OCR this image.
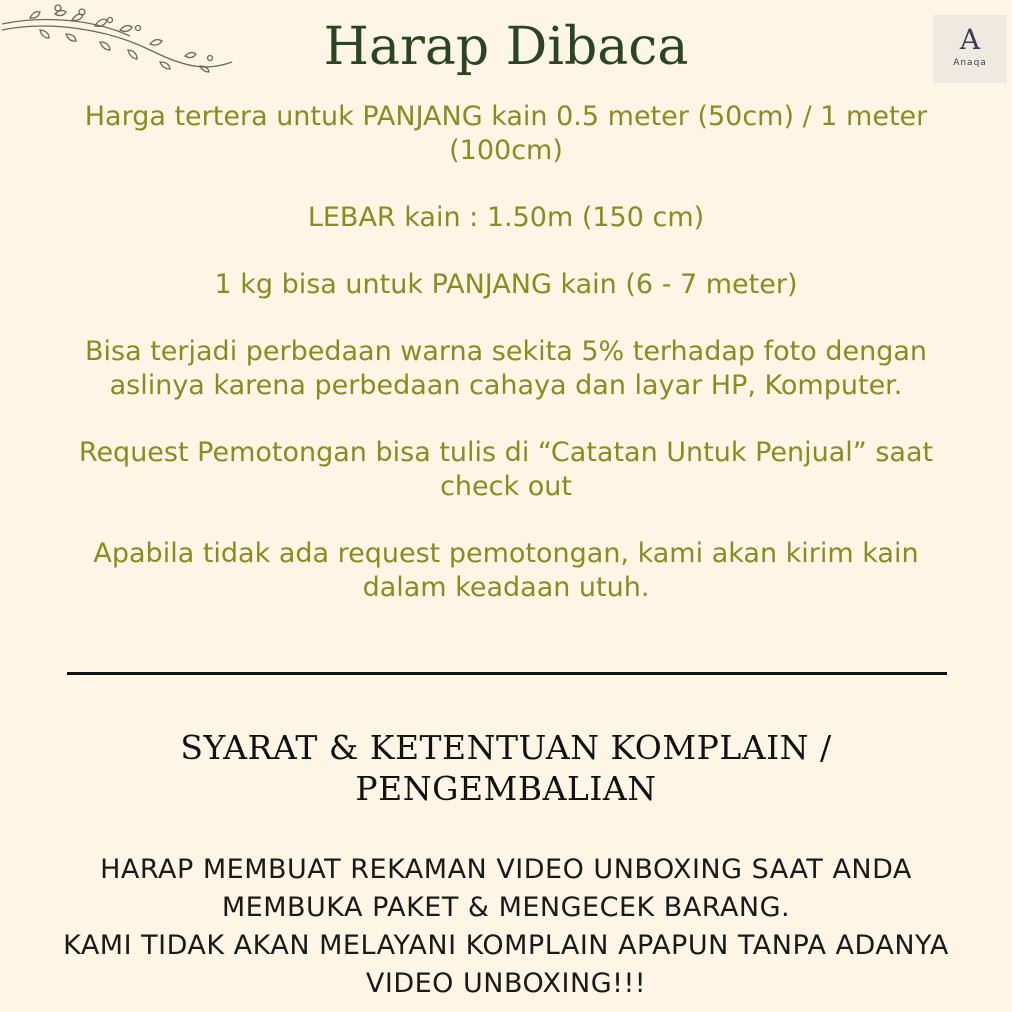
A
Anaqa
Harap Dibaca

Harga tertera untuk PANJANG kain 0.5 meter (50cm) / 1 meter (100cm)

LEBAR kain : 1.50m (150 cm)

1 kg bisa untuk PANJANG kain (6 - 7 meter)

Bisa terjadi perbedaan warna sekita 5% terhadap foto dengan aslinya karena perbedaan cahaya dan layar HP, Komputer.

Request Pemotongan bisa tulis di “Catatan Untuk Penjual” saat check out

Apabila tidak ada request pemotongan, kami akan kirim kain dalam keadaan utuh.

SYARAT & KETENTUAN KOMPLAIN / PENGEMBALIAN
HARAP MEMBUAT REKAMAN VIDEO UNBOXING SAAT ANDA MEMBUKA PAKET & MENGECEK BARANG.
KAMI TIDAK AKAN MELAYANI KOMPLAIN APAPUN TANPA ADANYA VIDEO UNBOXING!!!
